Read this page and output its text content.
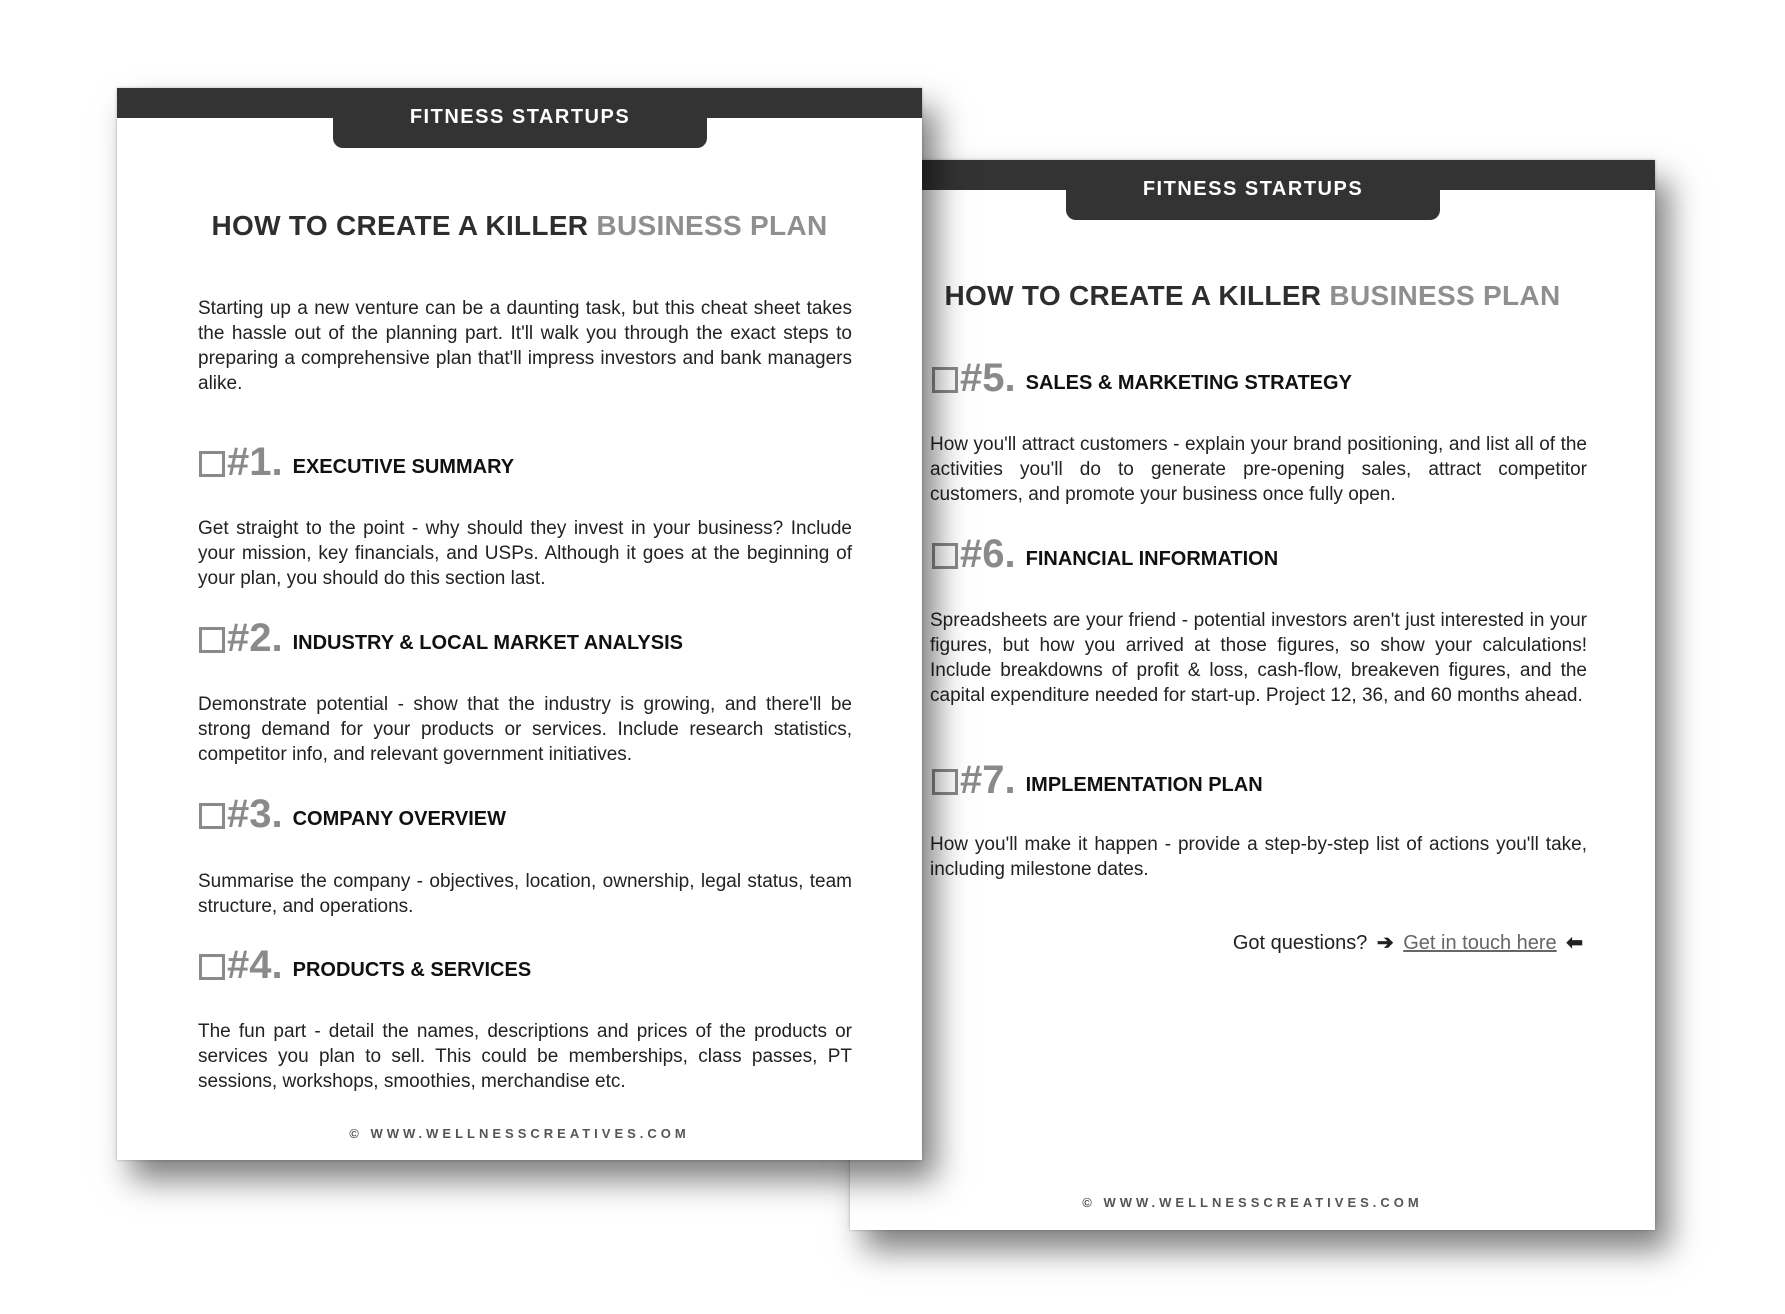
FITNESS STARTUPS
HOW TO CREATE A KILLER BUSINESS PLAN
#5. SALES & MARKETING STRATEGY
How you'll attract customers - explain your brand positioning, and list all of the activities you'll do to generate pre-opening sales, attract competitor customers, and promote your business once fully open.
#6. FINANCIAL INFORMATION
Spreadsheets are your friend - potential investors aren't just interested in your figures, but how you arrived at those figures, so show your calculations! Include breakdowns of profit & loss, cash-flow, breakeven figures, and the capital expenditure needed for start-up. Project 12, 36, and 60 months ahead.
#7. IMPLEMENTATION PLAN
How you'll make it happen - provide a step-by-step list of actions you'll take, including milestone dates.
Got questions? ➔ Get in touch here ⬅
© WWW.WELLNESSCREATIVES.COM
FITNESS STARTUPS
HOW TO CREATE A KILLER BUSINESS PLAN
Starting up a new venture can be a daunting task, but this cheat sheet takes the hassle out of the planning part. It'll walk you through the exact steps to preparing a comprehensive plan that'll impress investors and bank managers alike.
#1. EXECUTIVE SUMMARY
Get straight to the point - why should they invest in your business? Include your mission, key financials, and USPs. Although it goes at the beginning of your plan, you should do this section last.
#2. INDUSTRY & LOCAL MARKET ANALYSIS
Demonstrate potential - show that the industry is growing, and there'll be strong demand for your products or services. Include research statistics, competitor info, and relevant government initiatives.
#3. COMPANY OVERVIEW
Summarise the company - objectives, location, ownership, legal status, team structure, and operations.
#4. PRODUCTS & SERVICES
The fun part - detail the names, descriptions and prices of the products or services you plan to sell. This could be memberships, class passes, PT sessions, workshops, smoothies, merchandise etc.
© WWW.WELLNESSCREATIVES.COM
